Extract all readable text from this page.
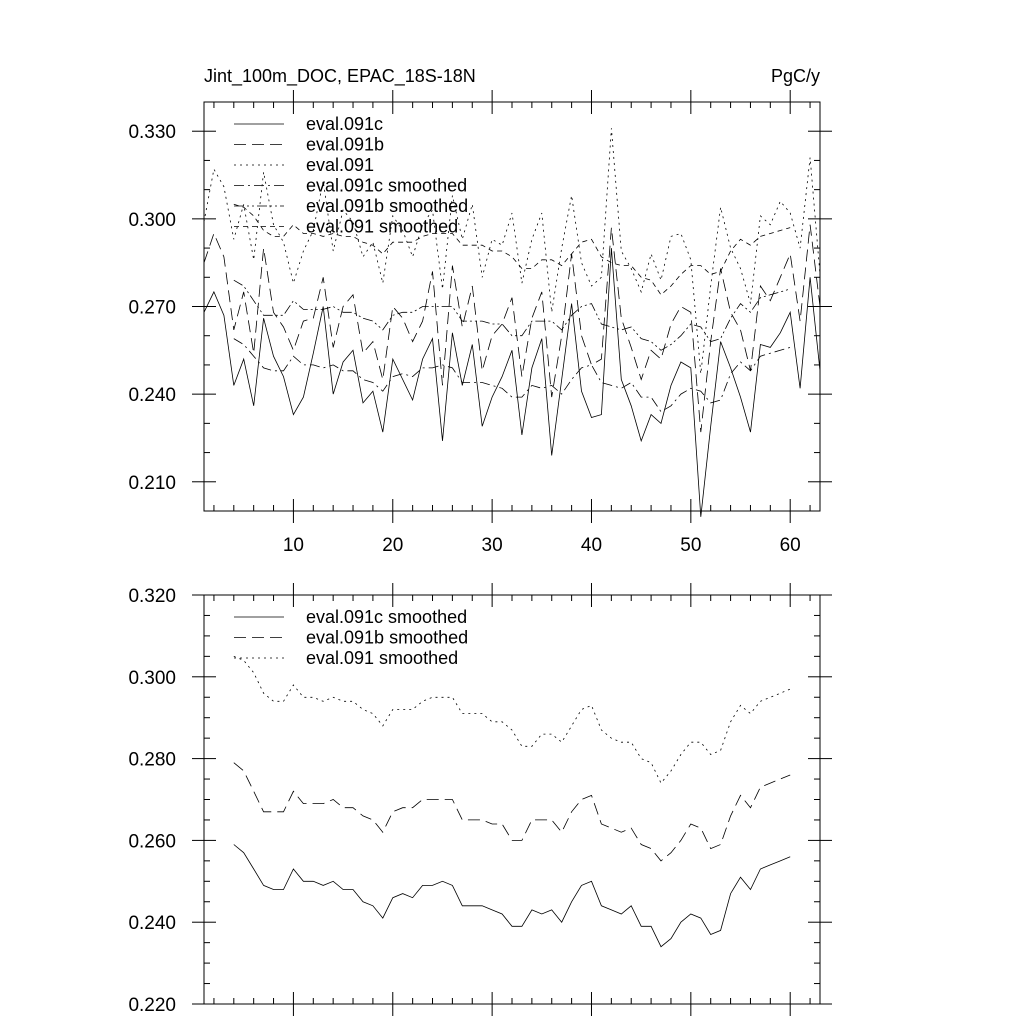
Jint_100m_DOC, EPAC_18S-18N	PgC/y
10	20	30	40	50	60
0.210
0.240
0.270
0.300
0.330	eval.091c
eval.091b
eval.091
eval.091c smoothed
eval.091b smoothed
eval.091 smoothed
0.220
0.240
0.260
0.280
0.300
0.320
eval.091c smoothed
eval.091b smoothed
eval.091 smoothed
